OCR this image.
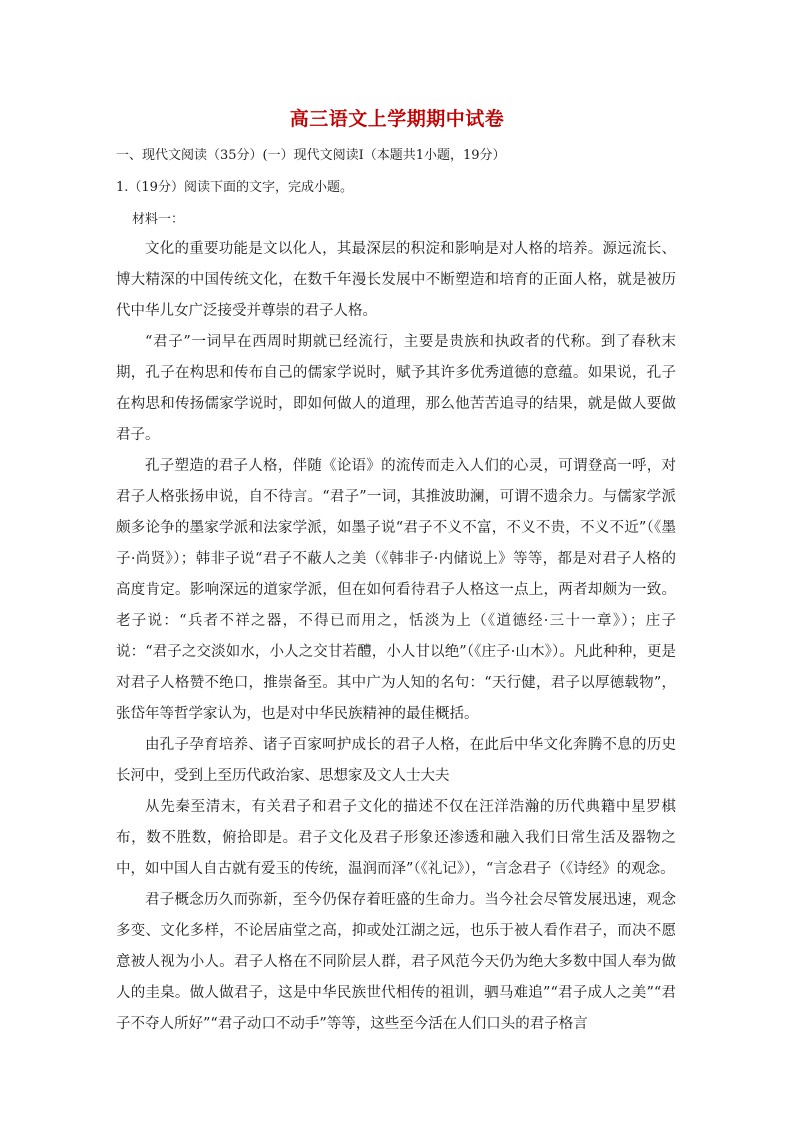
高三语文上学期期中试卷
一、现代文阅读（35分）(一）现代文阅读Ⅰ（本题共1小题，19分）
1.（19分）阅读下面的文字，完成小题。
材料一：

文化的重要功能是文以化人，其最深层的积淀和影响是对人格的培养。源远流长、博大精深的中国传统文化，在数千年漫长发展中不断塑造和培育的正面人格，就是被历代中华儿女广泛接受并尊崇的君子人格。

“君子”一词早在西周时期就已经流行，主要是贵族和执政者的代称。到了春秋末期，孔子在构思和传布自己的儒家学说时，赋予其许多优秀道德的意蕴。如果说，孔子在构思和传扬儒家学说时，即如何做人的道理，那么他苦苦追寻的结果，就是做人要做君子。

孔子塑造的君子人格，伴随《论语》的流传而走入人们的心灵，可谓登高一呼，对君子人格张扬申说，自不待言。“君子”一词，其推波助澜，可谓不遗余力。与儒家学派颇多论争的墨家学派和法家学派，如墨子说“君子不义不富，不义不贵，不义不近”（《墨子·尚贤》）；韩非子说“君子不蔽人之美（《韩非子·内储说上》等等，都是对君子人格的高度肯定。影响深远的道家学派，但在如何看待君子人格这一点上，两者却颇为一致。老子说：“兵者不祥之器，不得已而用之，恬淡为上（《道德经·三十一章》）；庄子说：“君子之交淡如水，小人之交甘若醴，小人甘以绝”（《庄子·山木》）。凡此种种，更是对君子人格赞不绝口，推崇备至。其中广为人知的名句：“天行健，君子以厚德载物”，张岱年等哲学家认为，也是对中华民族精神的最佳概括。

由孔子孕育培养、诸子百家呵护成长的君子人格，在此后中华文化奔腾不息的历史长河中，受到上至历代政治家、思想家及文人士大夫

从先秦至清末，有关君子和君子文化的描述不仅在汪洋浩瀚的历代典籍中星罗棋布，数不胜数，俯拾即是。君子文化及君子形象还渗透和融入我们日常生活及器物之中，如中国人自古就有爱玉的传统，温润而泽”（《礼记》），“言念君子（《诗经》的观念。

君子概念历久而弥新，至今仍保存着旺盛的生命力。当今社会尽管发展迅速，观念多变、文化多样，不论居庙堂之高，抑或处江湖之远，也乐于被人看作君子，而决不愿意被人视为小人。君子人格在不同阶层人群，君子风范今天仍为绝大多数中国人奉为做人的圭臬。做人做君子，这是中华民族世代相传的祖训，驷马难追”“君子成人之美”“君子不夺人所好”“君子动口不动手”等等，这些至今活在人们口头的君子格言
